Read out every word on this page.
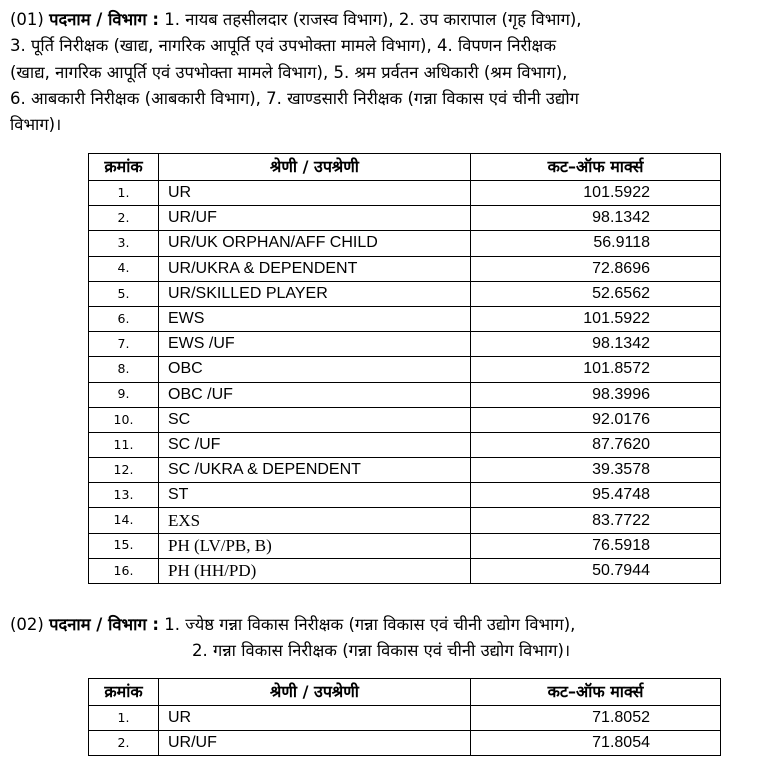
(01) पदनाम / विभाग : 1. नायब तहसीलदार (राजस्व विभाग), 2. उप कारापाल (गृह विभाग),
3. पूर्ति निरीक्षक (खाद्य, नागरिक आपूर्ति एवं उपभोक्ता मामले विभाग), 4. विपणन निरीक्षक
(खाद्य, नागरिक आपूर्ति एवं उपभोक्ता मामले विभाग), 5. श्रम प्रर्वतन अधिकारी (श्रम विभाग),
6. आबकारी निरीक्षक (आबकारी विभाग), 7. खाण्डसारी निरीक्षक (गन्ना विकास एवं चीनी उद्योग
विभाग)।
क्रमांक	श्रेणी / उपश्रेणी	कट–ऑफ मार्क्स
1.	UR	101.5922
2.	UR/UF	98.1342
3.	UR/UK ORPHAN/AFF CHILD	56.9118
4.	UR/UKRA & DEPENDENT	72.8696
5.	UR/SKILLED PLAYER	52.6562
6.	EWS	101.5922
7.	EWS /UF	98.1342
8.	OBC	101.8572
9.	OBC /UF	98.3996
10.	SC	92.0176
11.	SC /UF	87.7620
12.	SC /UKRA & DEPENDENT	39.3578
13.	ST	95.4748
14.	EXS	83.7722
15.	PH (LV/PB, B)	76.5918
16.	PH (HH/PD)	50.7944
(02) पदनाम / विभाग : 1. ज्येष्ठ गन्ना विकास निरीक्षक (गन्ना विकास एवं चीनी उद्योग विभाग),
2. गन्ना विकास निरीक्षक (गन्ना विकास एवं चीनी उद्योग विभाग)।
क्रमांक	श्रेणी / उपश्रेणी	कट–ऑफ मार्क्स
1.	UR	71.8052
2.	UR/UF	71.8054
